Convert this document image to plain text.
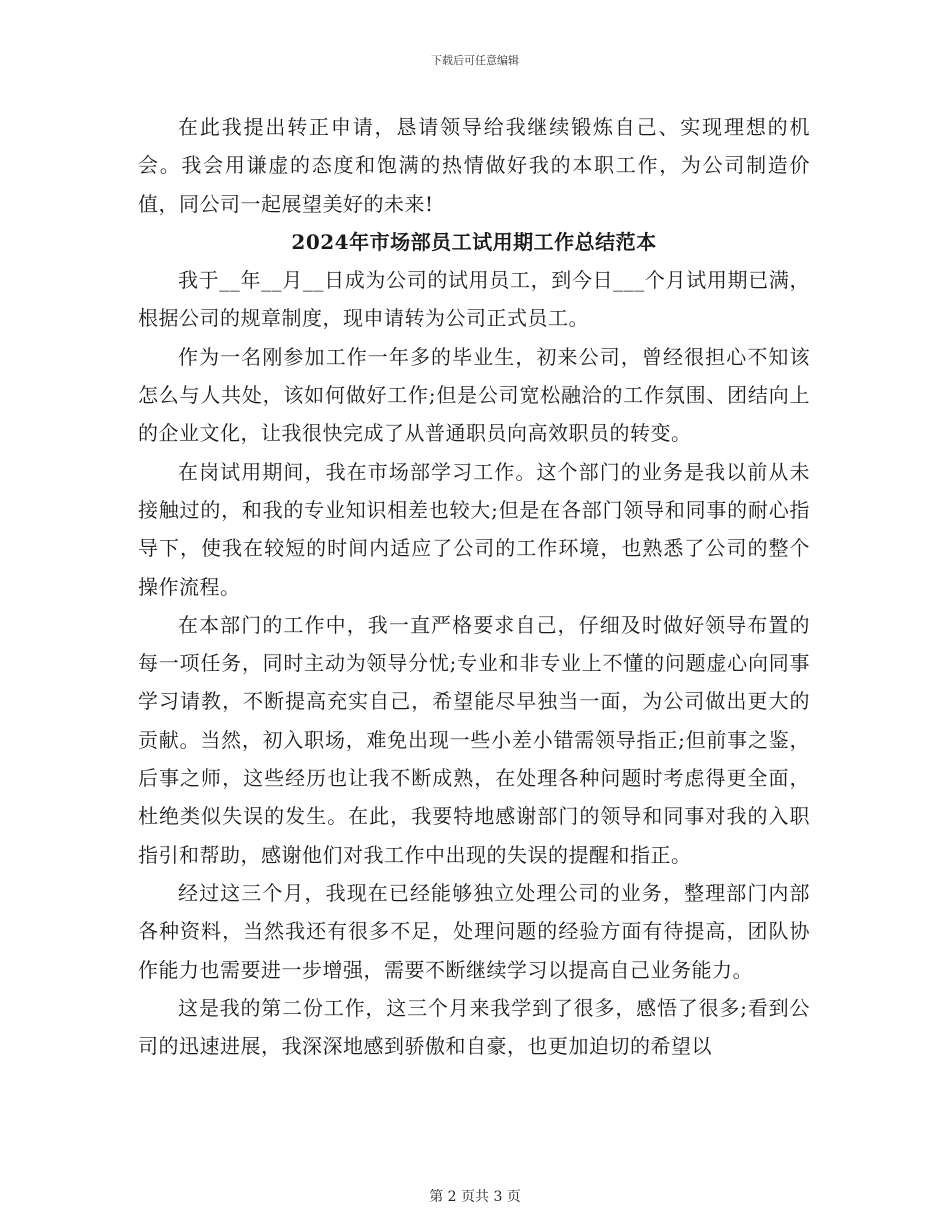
下载后可任意编辑

在此我提出转正申请，恳请领导给我继续锻炼自己、实现理想的机会。我会用谦虚的态度和饱满的热情做好我的本职工作，为公司制造价值，同公司一起展望美好的未来!

2024年市场部员工试用期工作总结范本

我于__年__月__日成为公司的试用员工，到今日___个月试用期已满，根据公司的规章制度，现申请转为公司正式员工。

作为一名刚参加工作一年多的毕业生，初来公司，曾经很担心不知该怎么与人共处，该如何做好工作;但是公司宽松融洽的工作氛围、团结向上的企业文化，让我很快完成了从普通职员向高效职员的转变。

在岗试用期间，我在市场部学习工作。这个部门的业务是我以前从未接触过的，和我的专业知识相差也较大;但是在各部门领导和同事的耐心指导下，使我在较短的时间内适应了公司的工作环境，也熟悉了公司的整个操作流程。

在本部门的工作中，我一直严格要求自己，仔细及时做好领导布置的每一项任务，同时主动为领导分忧;专业和非专业上不懂的问题虚心向同事学习请教，不断提高充实自己，希望能尽早独当一面，为公司做出更大的贡献。当然，初入职场，难免出现一些小差小错需领导指正;但前事之鉴，后事之师，这些经历也让我不断成熟，在处理各种问题时考虑得更全面，杜绝类似失误的发生。在此，我要特地感谢部门的领导和同事对我的入职指引和帮助，感谢他们对我工作中出现的失误的提醒和指正。

经过这三个月，我现在已经能够独立处理公司的业务，整理部门内部各种资料，当然我还有很多不足，处理问题的经验方面有待提高，团队协作能力也需要进一步增强，需要不断继续学习以提高自己业务能力。

这是我的第二份工作，这三个月来我学到了很多，感悟了很多;看到公司的迅速进展，我深深地感到骄傲和自豪，也更加迫切的希望以

第 2 页共 3 页
